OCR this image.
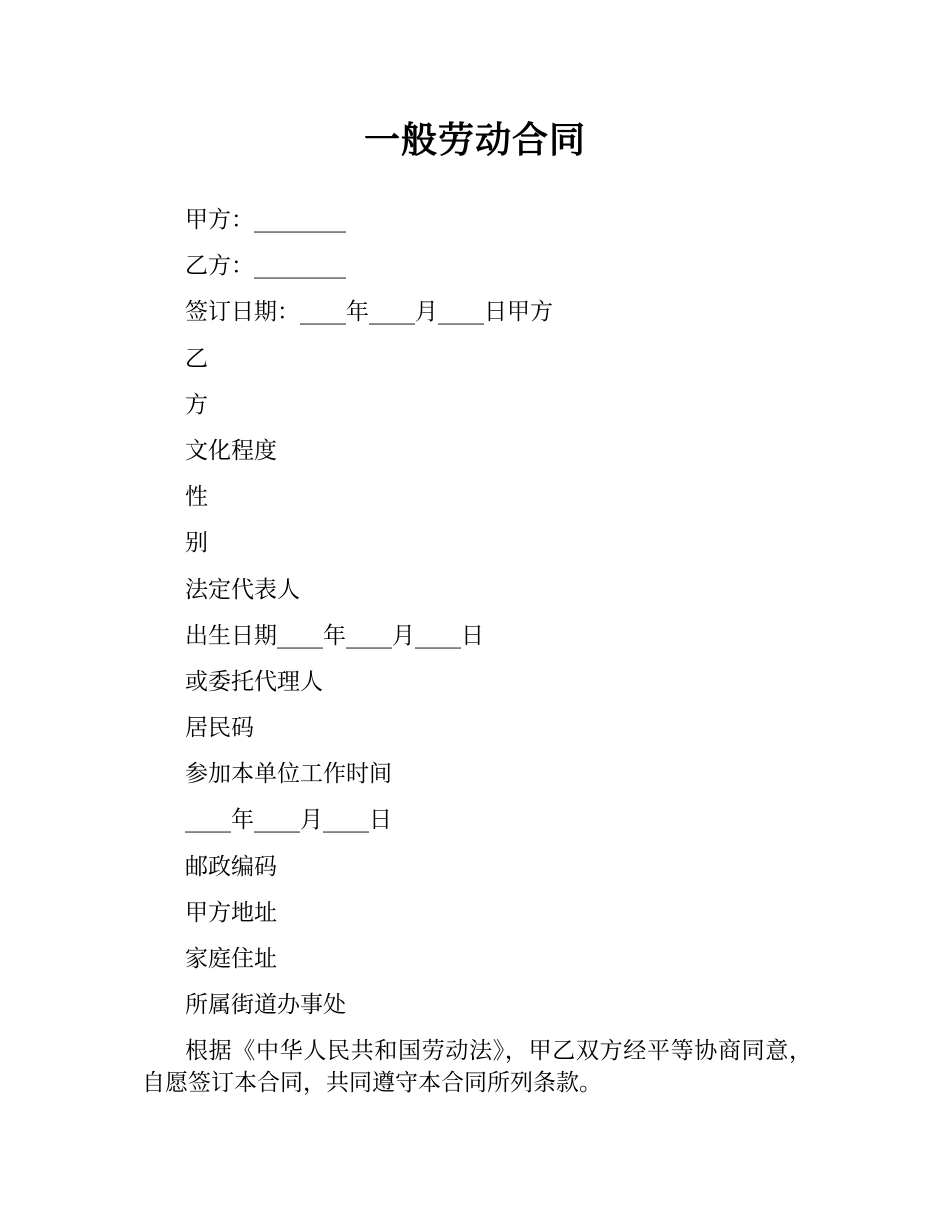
一般劳动合同
甲方：________
乙方：________
签订日期：____年____月____日甲方
乙
方
文化程度
性
别
法定代表人
出生日期____年____月____日
或委托代理人
居民码
参加本单位工作时间
____年____月____日
邮政编码
甲方地址
家庭住址
所属街道办事处
根据《中华人民共和国劳动法》，甲乙双方经平等协商同意，自愿签订本合同，共同遵守本合同所列条款。
